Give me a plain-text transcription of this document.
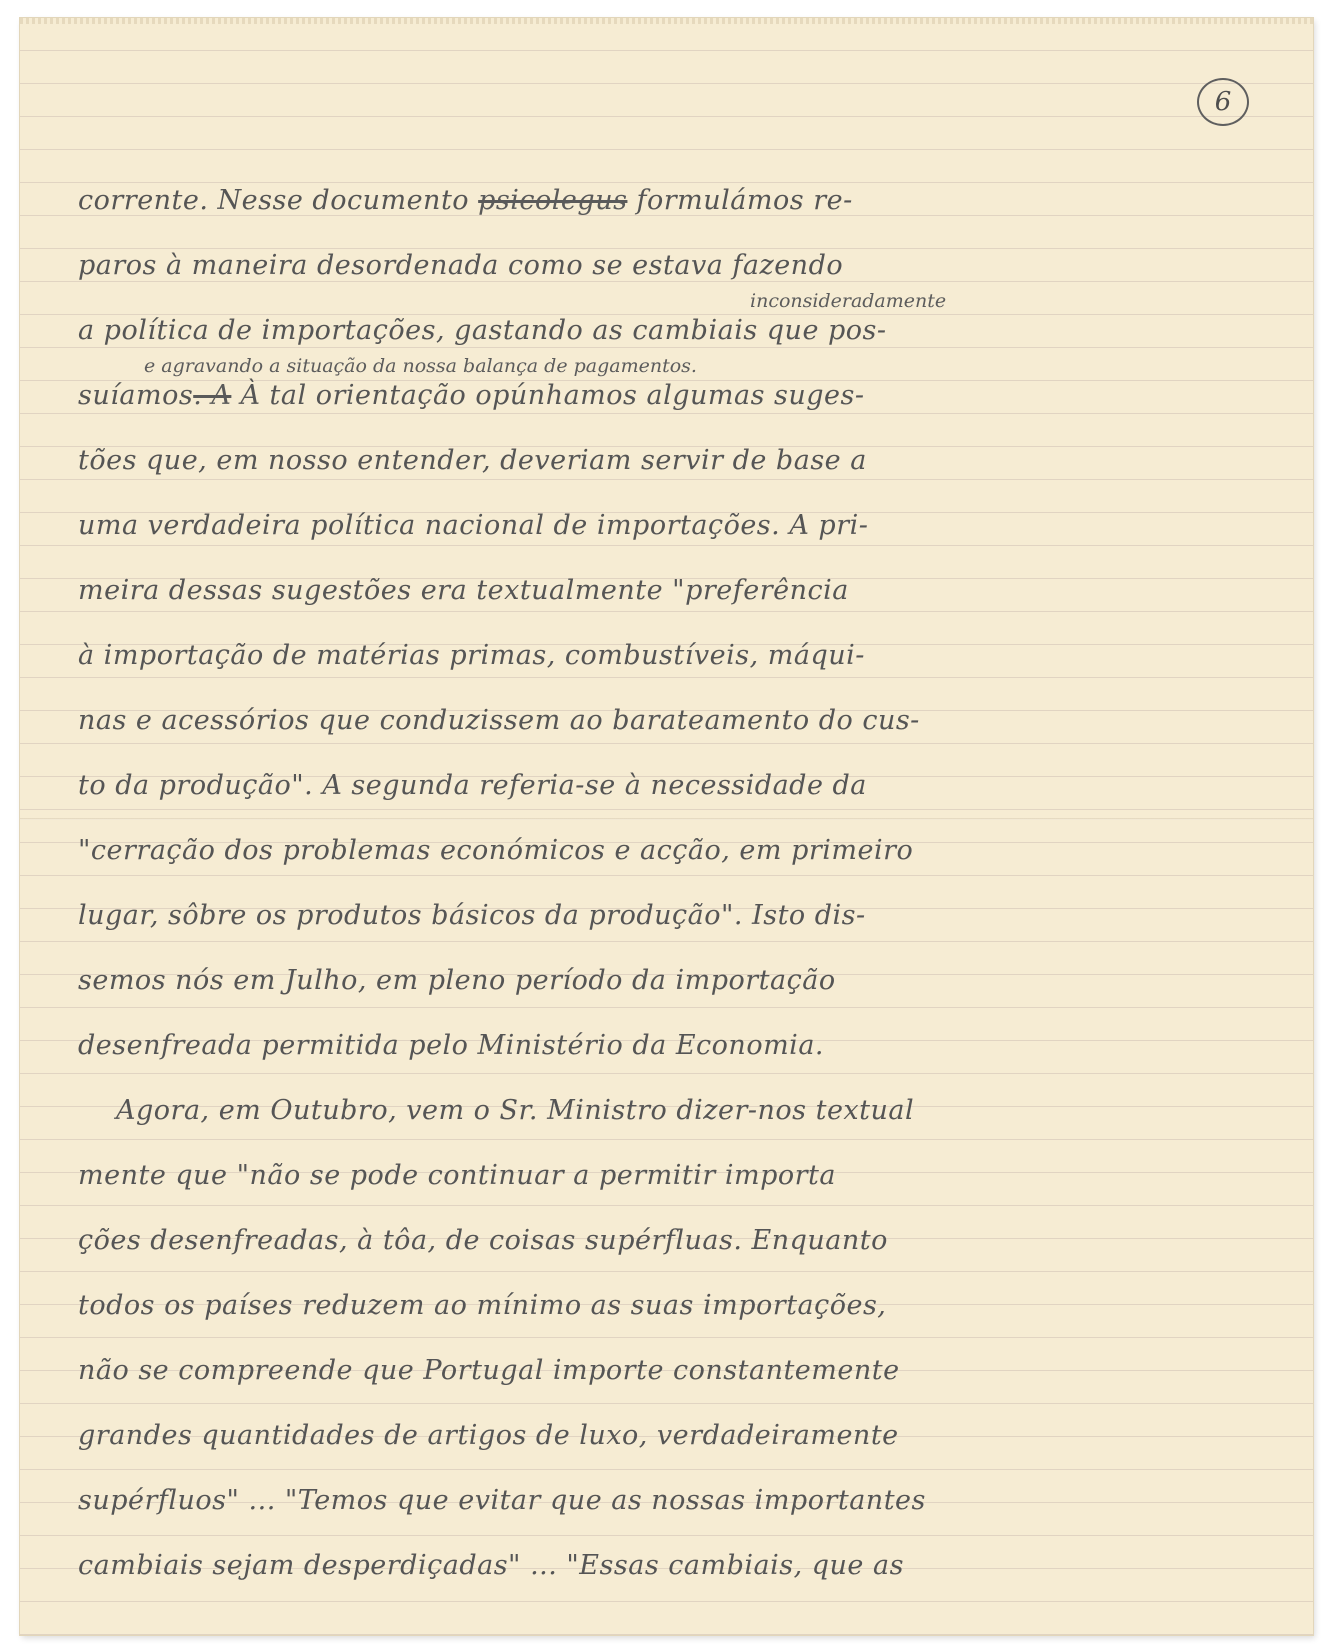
6
inconsideradamente
e agravando a situação da nossa balança de pagamentos.
corrente. Nesse documento psicolegus formulámos re-
paros à maneira desordenada como se estava fazendo
a política de importações, gastando as cambiais que pos-
suíamos. A À tal orientação opúnhamos algumas suges-
tões que, em nosso entender, deveriam servir de base a
uma verdadeira política nacional de importações. A pri-
meira dessas sugestões era textualmente "preferência
à importação de matérias primas, combustíveis, máqui-
nas e acessórios que conduzissem ao barateamento do cus-
to da produção". A segunda referia-se à necessidade da
"cerração dos problemas económicos e acção, em primeiro
lugar, sôbre os produtos básicos da produção". Isto dis-
semos nós em Julho, em pleno período da importação
desenfreada permitida pelo Ministério da Economia.
Agora, em Outubro, vem o Sr. Ministro dizer-nos textual
mente que "não se pode continuar a permitir importa
ções desenfreadas, à tôa, de coisas supérfluas. Enquanto
todos os países reduzem ao mínimo as suas importações,
não se compreende que Portugal importe constantemente
grandes quantidades de artigos de luxo, verdadeiramente
supérfluos" ... "Temos que evitar que as nossas importantes
cambiais sejam desperdiçadas" ... "Essas cambiais, que as
